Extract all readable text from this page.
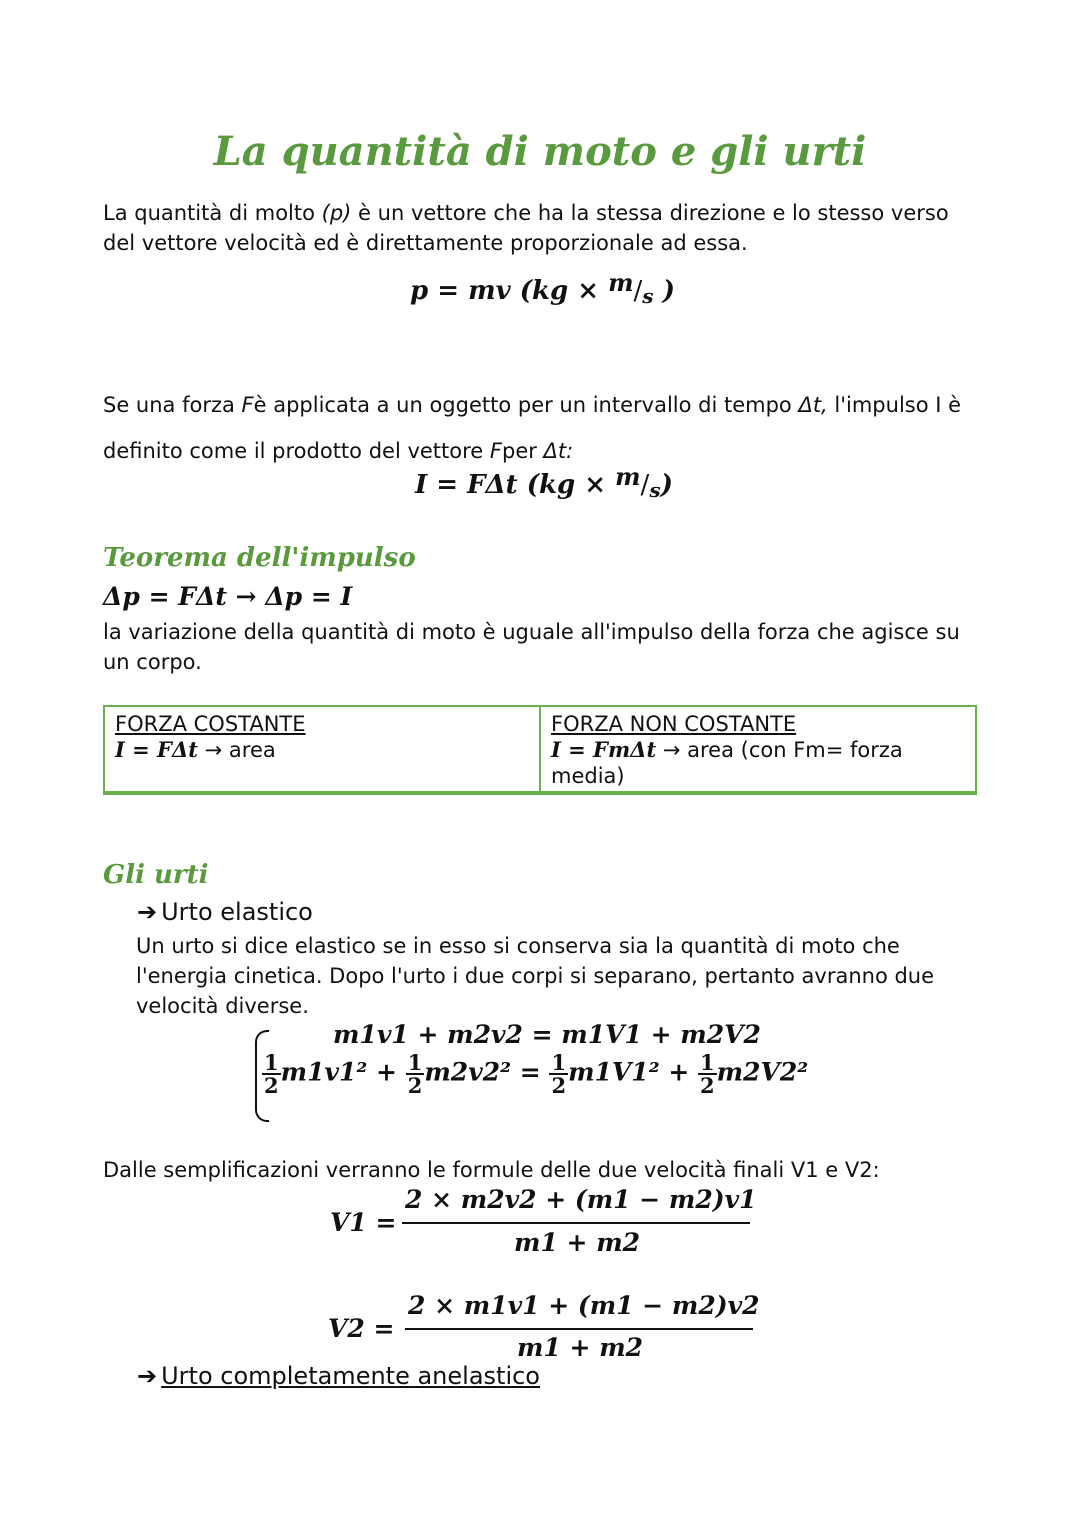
La quantità di moto e gli urti
La quantità di molto (p) è un vettore che ha la stessa direzione e lo stesso verso del vettore velocità ed è direttamente proporzionale ad essa.
p = mv (kg × m/s )
Se una forza Fè applicata a un oggetto per un intervallo di tempo Δt, l'impulso I è
definito come il prodotto del vettore Fper Δt:
I = FΔt (kg × m/s)
Teorema dell'impulso
Δp = FΔt → Δp = I
la variazione della quantità di moto è uguale all'impulso della forza che agisce su un corpo.
FORZA COSTANTE
I = FΔt → area
FORZA NON COSTANTE
I = FmΔt → area (con Fm= forza media)
Gli urti
➔ Urto elastico
Un urto si dice elastico se in esso si conserva sia la quantità di moto che l'energia cinetica. Dopo l'urto i due corpi si separano, pertanto avranno due velocità diverse.
m1v1 + m2v2 = m1V1 + m2V2
$\frac{1}{2} m1v1^2 + \frac{1}{2} m2v2^2 = \frac{1}{2} m1V1^2 + \frac{1}{2} m2V2^2$
Dalle semplificazioni verranno le formule delle due velocità finali V1 e V2:
V1 =
2 × m2v2 + (m1 − m2)v1
m1 + m2
V2 =
2 × m1v1 + (m1 − m2)v2
m1 + m2
➔ Urto completamente anelastico
